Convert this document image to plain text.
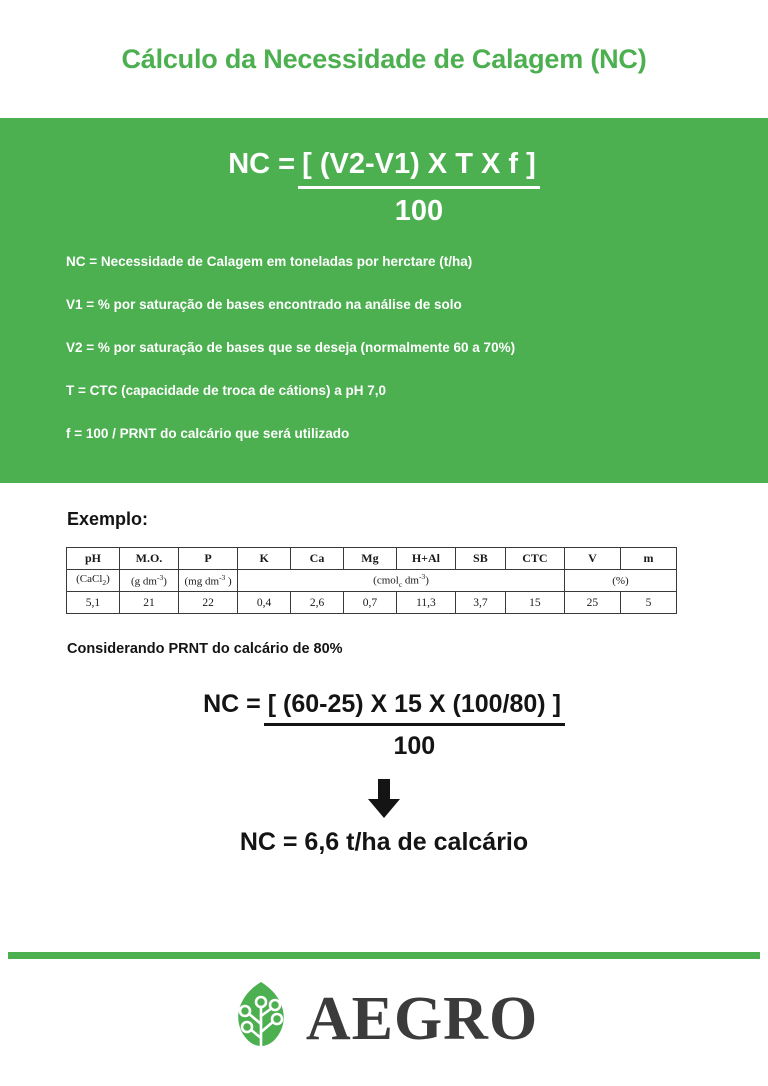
Cálculo da Necessidade de Calagem (NC)
NC = $\frac{\text{[ (V2-V1) X T X f ]}}{100}$
NC = Necessidade de Calagem em toneladas por herctare (t/ha)
V1 = % por saturação de bases encontrado na análise de solo
V2 = % por saturação de bases que se deseja (normalmente 60 a 70%)
T = CTC (capacidade de troca de cátions) a pH 7,0
f = 100 / PRNT do calcário que será utilizado
Exemplo:
pH	M.O.	P	K	Ca	Mg	H+Al	SB	CTC	V	m
(CaCl$_2$)	(g $dm^{-3}$)	(mg $dm^{-3}$ )	(cmol$_c$ $dm^{-3}$)						(%)	
5,1	21	22	0,4	2,6	0,7	11,3	3,7	15	25	5
Considerando PRNT do calcário de 80%
NC = $\frac{[ (60-25) X 15 X (100/80) ]}{100}$
NC = 6,6 t/ha de calcário
AEGRO
